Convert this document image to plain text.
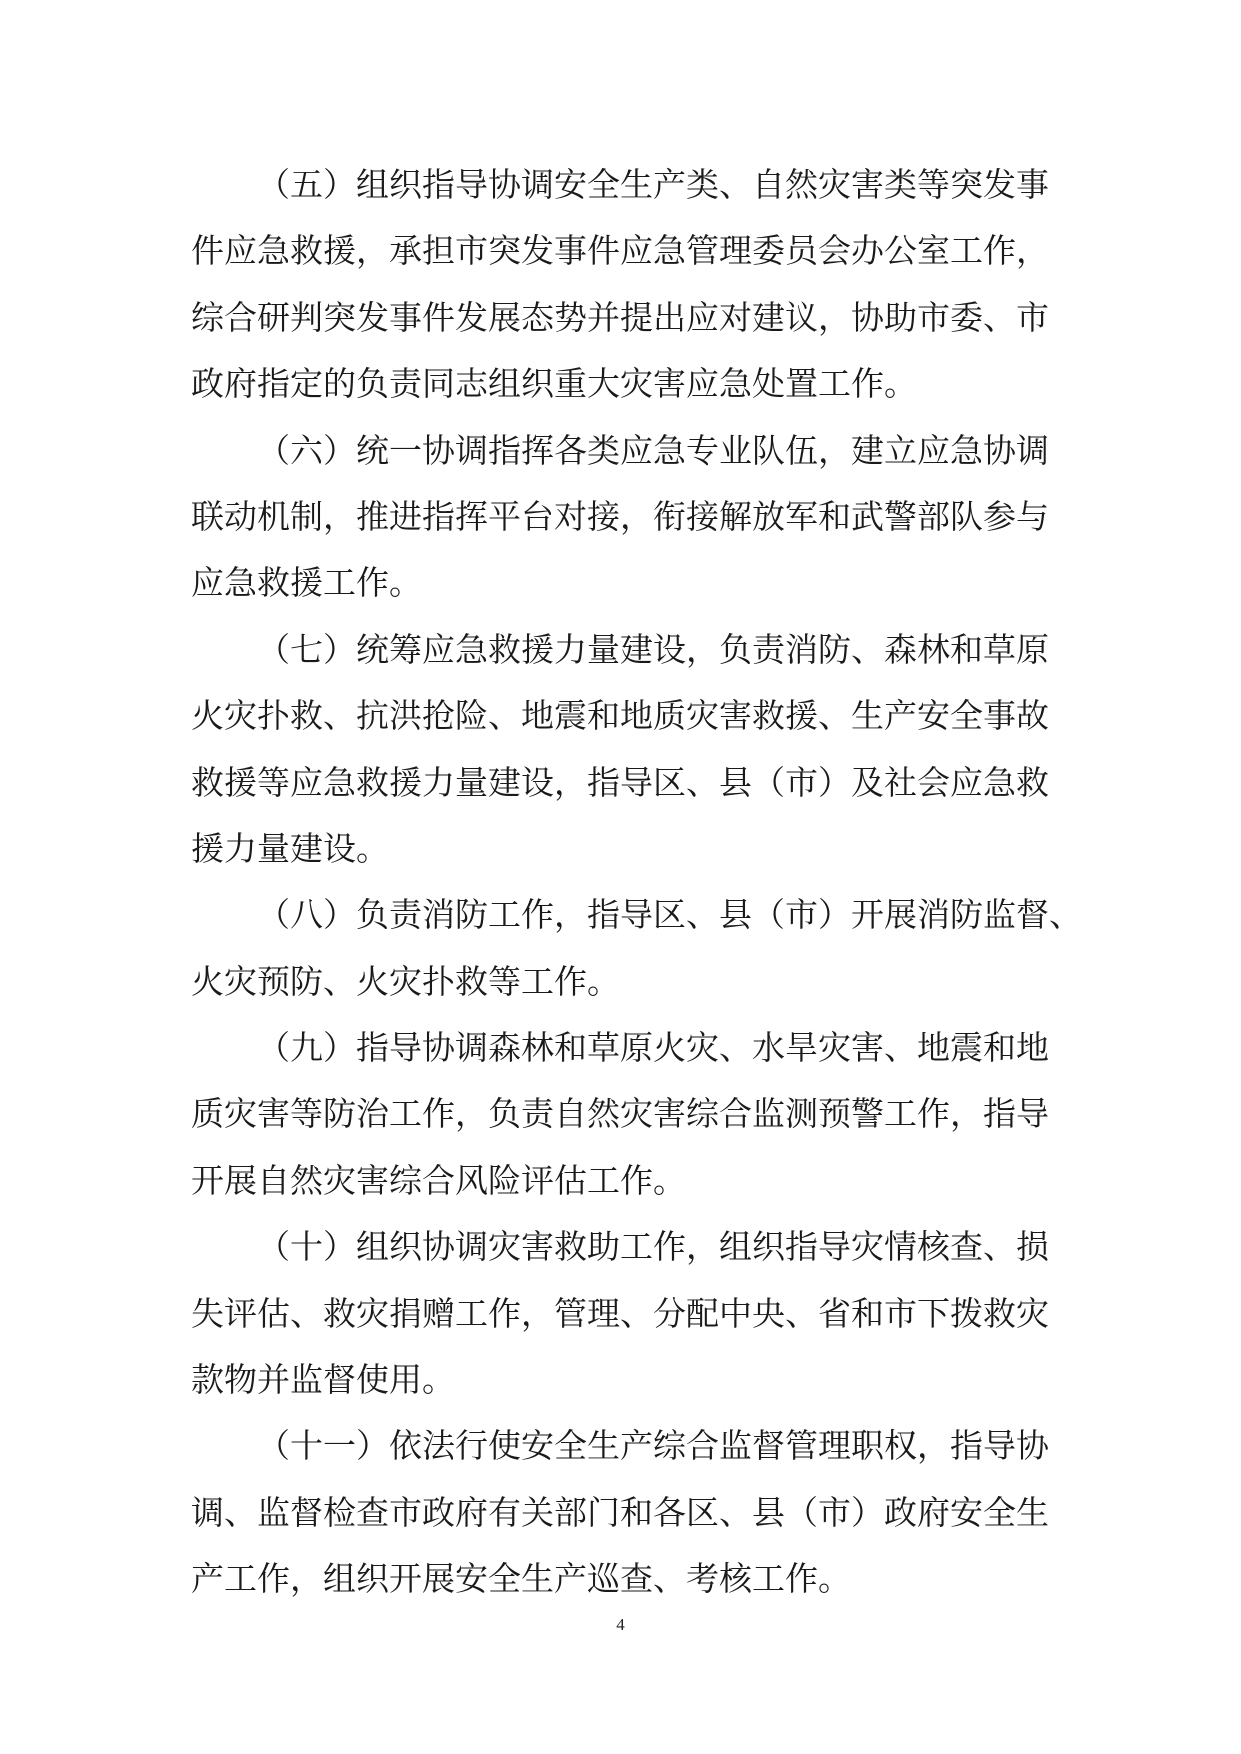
（五）组织指导协调安全生产类、自然灾害类等突发事
件应急救援，承担市突发事件应急管理委员会办公室工作，
综合研判突发事件发展态势并提出应对建议，协助市委、市
政府指定的负责同志组织重大灾害应急处置工作。
（六）统一协调指挥各类应急专业队伍，建立应急协调
联动机制，推进指挥平台对接，衔接解放军和武警部队参与
应急救援工作。
（七）统筹应急救援力量建设，负责消防、森林和草原
火灾扑救、抗洪抢险、地震和地质灾害救援、生产安全事故
救援等应急救援力量建设，指导区、县（市）及社会应急救
援力量建设。
（八）负责消防工作，指导区、县（市）开展消防监督、
火灾预防、火灾扑救等工作。
（九）指导协调森林和草原火灾、水旱灾害、地震和地
质灾害等防治工作，负责自然灾害综合监测预警工作，指导
开展自然灾害综合风险评估工作。
（十）组织协调灾害救助工作，组织指导灾情核查、损
失评估、救灾捐赠工作，管理、分配中央、省和市下拨救灾
款物并监督使用。
（十一）依法行使安全生产综合监督管理职权，指导协
调、监督检查市政府有关部门和各区、县（市）政府安全生
产工作，组织开展安全生产巡查、考核工作。
4
